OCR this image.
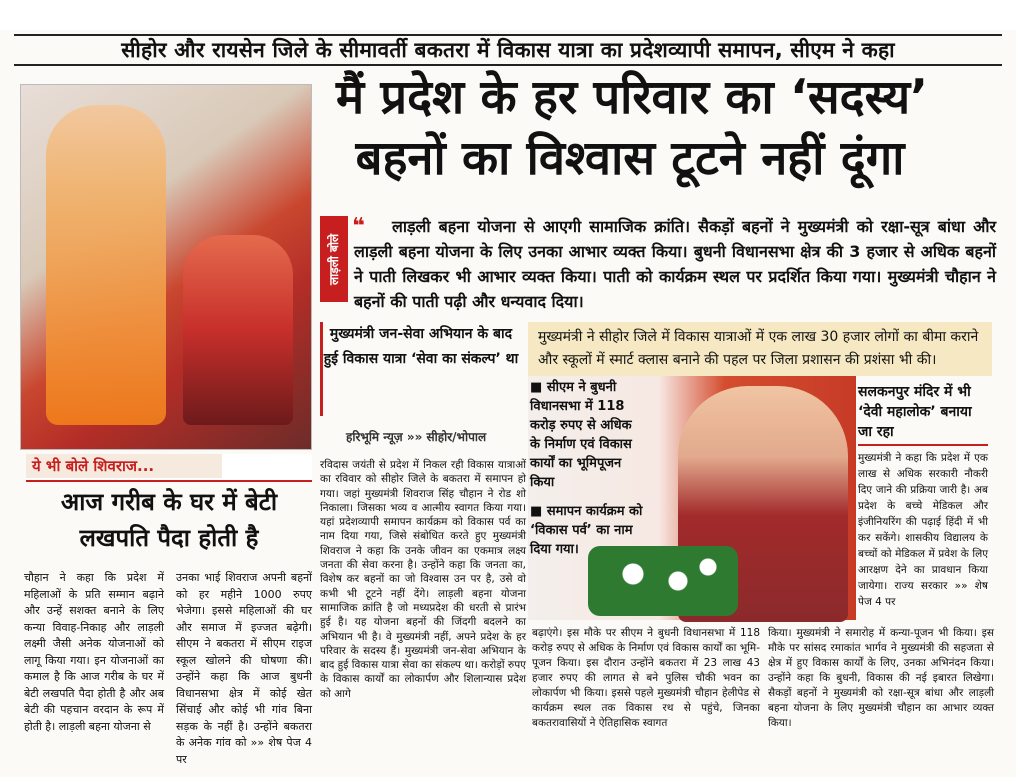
सीहोर और रायसेन जिले के सीमावर्ती बकतरा में विकास यात्रा का प्रदेशव्यापी समापन, सीएम ने कहा
मैं प्रदेश के हर परिवार का ‘सदस्य’
बहनों का विश्वास टूटने नहीं दूंगा
लाड़ली बोले
❝	लाड़ली बहना योजना से आएगी सामाजिक क्रांति। सैकड़ों बहनों ने मुख्यमंत्री को रक्षा-सूत्र बांधा और लाड़ली बहना योजना के लिए उनका आभार व्यक्त किया। बुधनी विधानसभा क्षेत्र की 3 हजार से अधिक बहनों ने पाती लिखकर भी आभार व्यक्त किया। पाती को कार्यक्रम स्थल पर प्रदर्शित किया गया। मुख्यमंत्री चौहान ने बहनों की पाती पढ़ी और धन्यवाद दिया।

मुख्यमंत्री जन-सेवा अभियान के बाद हुई विकास यात्रा ‘सेवा का संकल्प’ था
मुख्यमंत्री ने सीहोर जिले में विकास यात्राओं में एक लाख 30 हजार लोगों का बीमा कराने और स्कूलों में स्मार्ट क्लास बनाने की पहल पर जिला प्रशासन की प्रशंसा भी की।
हरिभूमि न्यूज़ »» सीहोर/भोपाल
रविदास जयंती से प्रदेश में निकल रही विकास यात्राओं का रविवार को सीहोर जिले के बकतरा में समापन हो गया। जहां मुख्यमंत्री शिवराज सिंह चौहान ने रोड शो निकाला। जिसका भव्य व आत्मीय स्वागत किया गया। यहां प्रदेशव्यापी समापन कार्यक्रम को विकास पर्व का नाम दिया गया, जिसे संबोधित करते हुए मुख्यमंत्री शिवराज ने कहा कि उनके जीवन का एकमात्र लक्ष्य जनता की सेवा करना है। उन्होंने कहा कि जनता का, विशेष कर बहनों का जो विश्वास उन पर है, उसे वो कभी भी टूटने नहीं देंगे। लाड़ली बहना योजना सामाजिक क्रांति है जो मध्यप्रदेश की धरती से प्रारंभ हुई है। यह योजना बहनों की जिंदगी बदलने का अभियान भी है। वे मुख्यमंत्री नहीं, अपने प्रदेश के हर परिवार के सदस्य हैं। मुख्यमंत्री जन-सेवा अभियान के बाद हुई विकास यात्रा सेवा का संकल्प था। करोड़ों रुपए के विकास कार्यों का लोकार्पण और शिलान्यास प्रदेश को आगे
■ सीएम ने बुधनी विधानसभा में 118 करोड़ रुपए से अधिक के निर्माण एवं विकास कार्यों का भूमिपूजन किया
■ समापन कार्यक्रम को ‘विकास पर्व’ का नाम दिया गया।
सलकनपुर मंदिर में भी ‘देवी महालोक’ बनाया जा रहा
मुख्यमंत्री ने कहा कि प्रदेश में एक लाख से अधिक सरकारी नौकरी दिए जाने की प्रक्रिया जारी है। अब प्रदेश के बच्चे मेडिकल और इंजीनियरिंग की पढ़ाई हिंदी में भी कर सकेंगे। शासकीय विद्यालय के बच्चों को मेडिकल में प्रवेश के लिए आरक्षण देने का प्रावधान किया जायेगा। राज्य सरकार »» शेष पेज 4 पर
ये भी बोले शिवराज...
आज गरीब के घर में बेटी लखपति पैदा होती है
चौहान ने कहा कि प्रदेश में महिलाओं के प्रति सम्मान बढ़ाने और उन्हें सशक्त बनाने के लिए कन्या विवाह-निकाह और लाड़ली लक्ष्मी जैसी अनेक योजनाओं को लागू किया गया। इन योजनाओं का कमाल है कि आज गरीब के घर में बेटी लखपति पैदा होती है और अब बेटी की पहचान वरदान के रूप में होती है। लाड़ली बहना योजना से
उनका भाई शिवराज अपनी बहनों को हर महीने 1000 रुपए भेजेगा। इससे महिलाओं की घर और समाज में इज्जत बढ़ेगी। सीएम ने बकतरा में सीएम राइज स्कूल खोलने की घोषणा की। उन्होंने कहा कि आज बुधनी विधानसभा क्षेत्र में कोई खेत सिंचाई और कोई भी गांव बिना सड़क के नहीं है। उन्होंने बकतरा के अनेक गांव को »» शेष पेज 4 पर
बढ़ाएंगे। इस मौके पर सीएम ने बुधनी विधानसभा में 118 करोड़ रुपए से अधिक के निर्माण एवं विकास कार्यों का भूमि-पूजन किया। इस दौरान उन्होंने बकतरा में 23 लाख 43 हजार रुपए की लागत से बने पुलिस चौकी भवन का लोकार्पण भी किया। इससे पहले मुख्यमंत्री चौहान हेलीपेड से कार्यक्रम स्थल तक विकास रथ से पहुंचे, जिनका बकतरावासियों ने ऐतिहासिक स्वागत
किया। मुख्यमंत्री ने समारोह में कन्या-पूजन भी किया। इस मौके पर सांसद रमाकांत भार्गव ने मुख्यमंत्री की सहजता से क्षेत्र में हुए विकास कार्यों के लिए, उनका अभिनंदन किया। उन्होंने कहा कि बुधनी, विकास की नई इबारत लिखेगा। सैकड़ों बहनों ने मुख्यमंत्री को रक्षा-सूत्र बांधा और लाड़ली बहना योजना के लिए मुख्यमंत्री चौहान का आभार व्यक्त किया।
